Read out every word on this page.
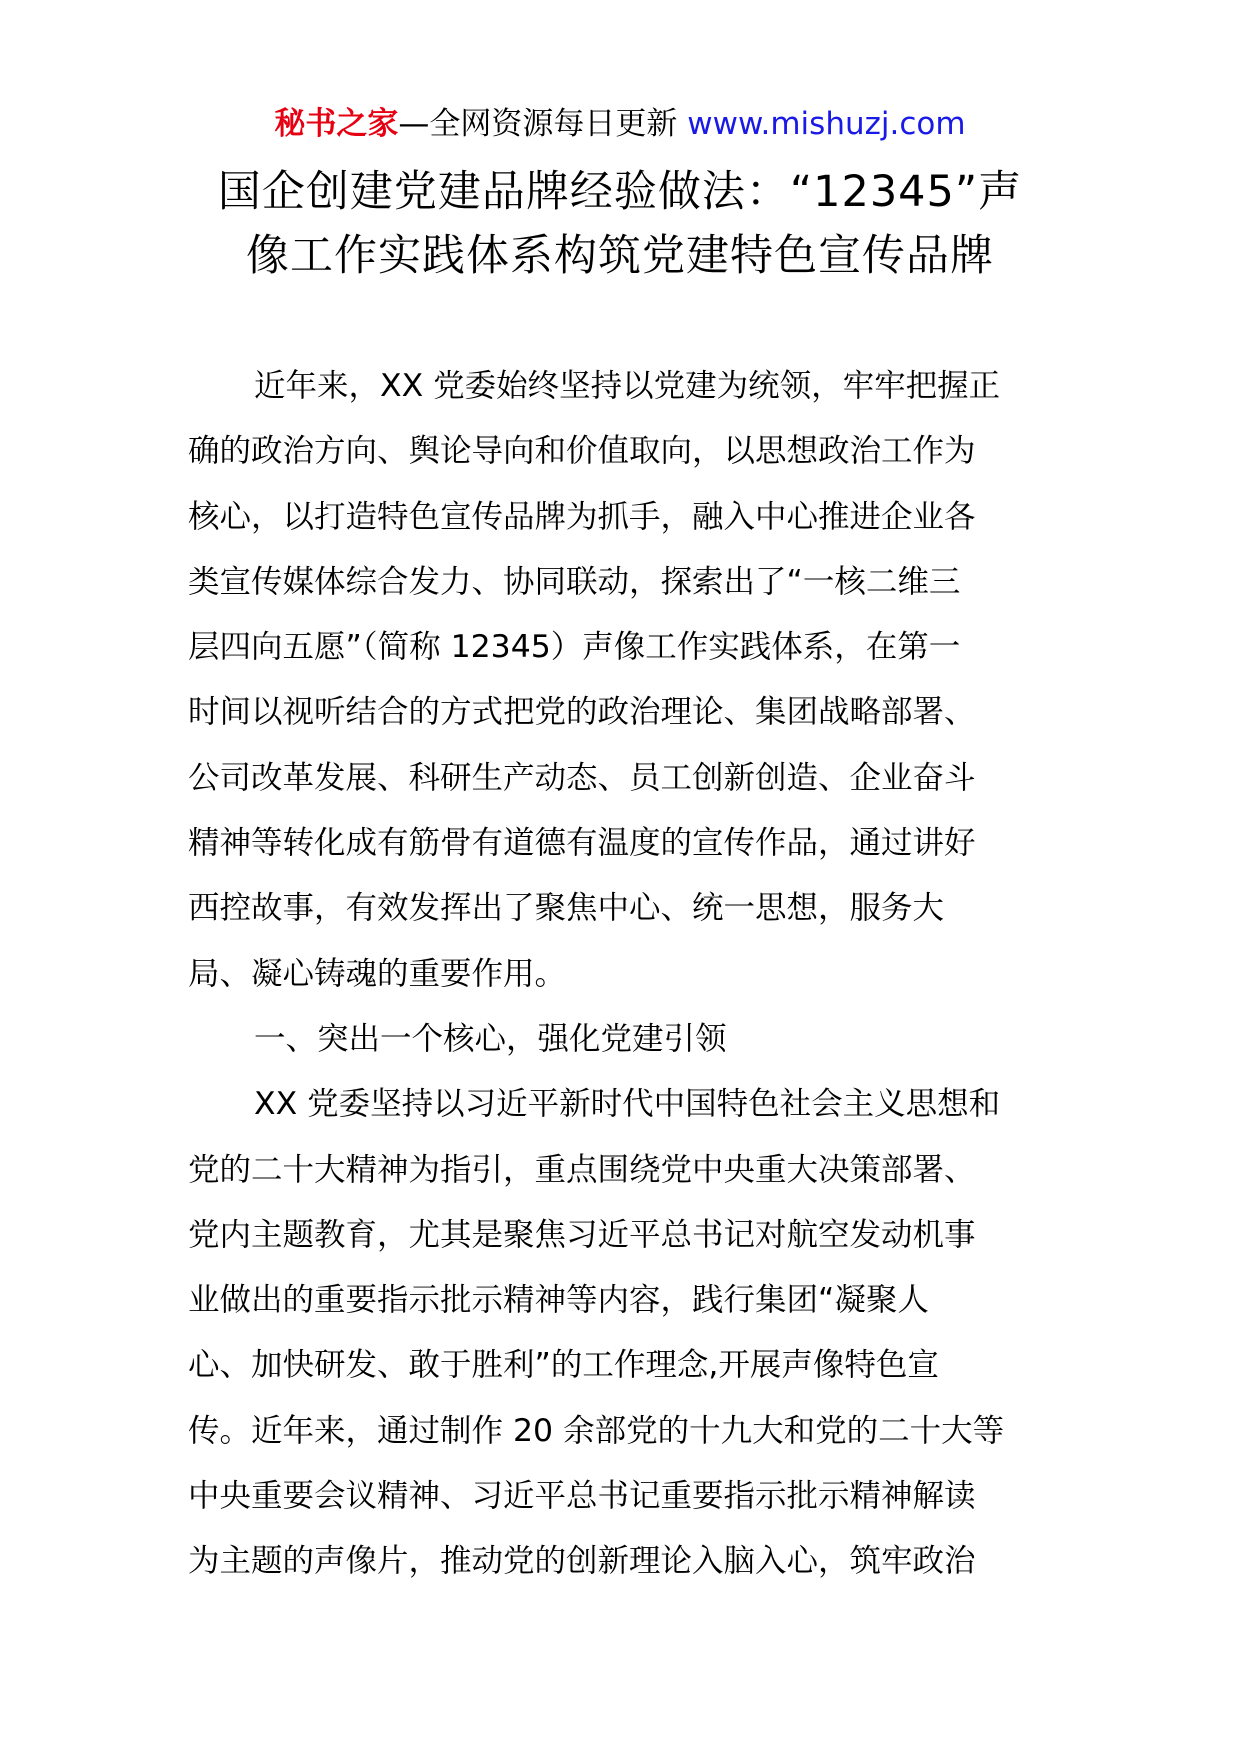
秘书之家—全网资源每日更新 www.mishuzj.com
国企创建党建品牌经验做法：“12345”声
像工作实践体系构筑党建特色宣传品牌
近年来，XX 党委始终坚持以党建为统领，牢牢把握正
确的政治方向、舆论导向和价值取向，以思想政治工作为
核心，以打造特色宣传品牌为抓手，融入中心推进企业各
类宣传媒体综合发力、协同联动，探索出了“一核二维三
层四向五愿”（简称 12345）声像工作实践体系，在第一
时间以视听结合的方式把党的政治理论、集团战略部署、
公司改革发展、科研生产动态、员工创新创造、企业奋斗
精神等转化成有筋骨有道德有温度的宣传作品，通过讲好
西控故事，有效发挥出了聚焦中心、统一思想，服务大
局、凝心铸魂的重要作用。
一、突出一个核心，强化党建引领
XX 党委坚持以习近平新时代中国特色社会主义思想和
党的二十大精神为指引，重点围绕党中央重大决策部署、
党内主题教育，尤其是聚焦习近平总书记对航空发动机事
业做出的重要指示批示精神等内容，践行集团“凝聚人
心、加快研发、敢于胜利”的工作理念,开展声像特色宣
传。近年来，通过制作 20 余部党的十九大和党的二十大等
中央重要会议精神、习近平总书记重要指示批示精神解读
为主题的声像片，推动党的创新理论入脑入心，筑牢政治
